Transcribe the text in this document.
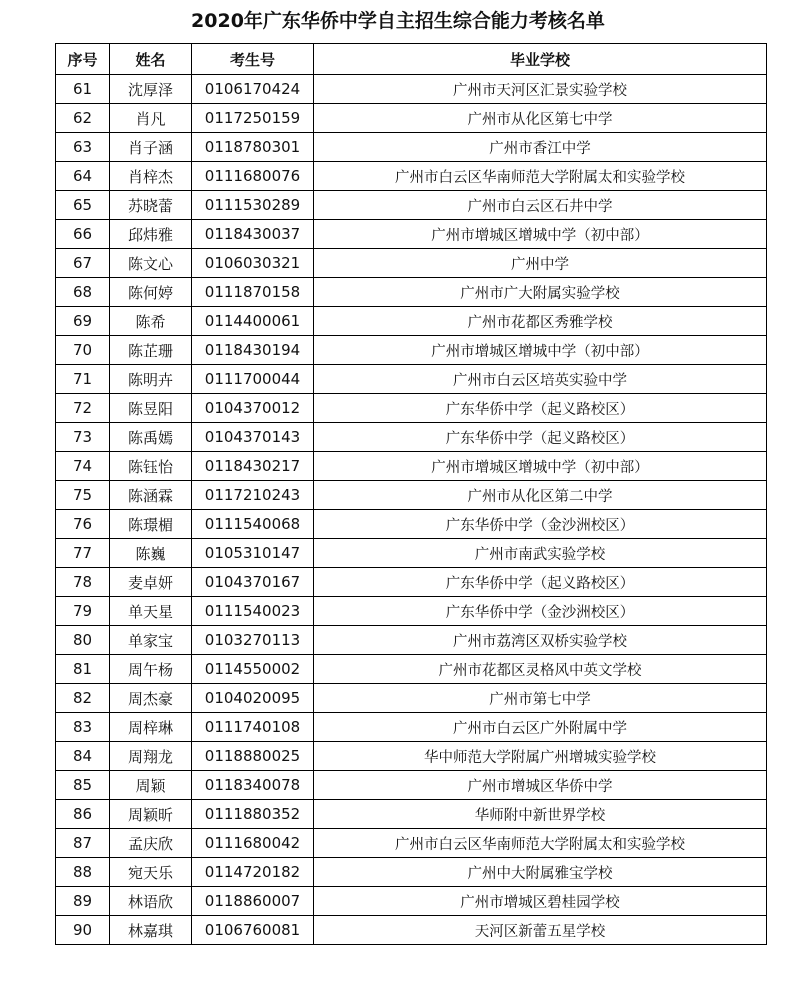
2020年广东华侨中学自主招生综合能力考核名单
序号	姓名	考生号	毕业学校
61	沈厚泽	0106170424	广州市天河区汇景实验学校
62	肖凡	0117250159	广州市从化区第七中学
63	肖子涵	0118780301	广州市香江中学
64	肖梓杰	0111680076	广州市白云区华南师范大学附属太和实验学校
65	苏晓蕾	0111530289	广州市白云区石井中学
66	邱炜雅	0118430037	广州市增城区增城中学（初中部）
67	陈文心	0106030321	广州中学
68	陈何婷	0111870158	广州市广大附属实验学校
69	陈希	0114400061	广州市花都区秀雅学校
70	陈芷珊	0118430194	广州市增城区增城中学（初中部）
71	陈明卉	0111700044	广州市白云区培英实验中学
72	陈昱阳	0104370012	广东华侨中学（起义路校区）
73	陈禹嫣	0104370143	广东华侨中学（起义路校区）
74	陈钰怡	0118430217	广州市增城区增城中学（初中部）
75	陈涵霖	0117210243	广州市从化区第二中学
76	陈璟楣	0111540068	广东华侨中学（金沙洲校区）
77	陈巍	0105310147	广州市南武实验学校
78	麦卓妍	0104370167	广东华侨中学（起义路校区）
79	单天星	0111540023	广东华侨中学（金沙洲校区）
80	单家宝	0103270113	广州市荔湾区双桥实验学校
81	周午杨	0114550002	广州市花都区灵格风中英文学校
82	周杰豪	0104020095	广州市第七中学
83	周梓琳	0111740108	广州市白云区广外附属中学
84	周翔龙	0118880025	华中师范大学附属广州增城实验学校
85	周颖	0118340078	广州市增城区华侨中学
86	周颖昕	0111880352	华师附中新世界学校
87	孟庆欣	0111680042	广州市白云区华南师范大学附属太和实验学校
88	宛天乐	0114720182	广州中大附属雅宝学校
89	林语欣	0118860007	广州市增城区碧桂园学校
90	林嘉琪	0106760081	天河区新蕾五星学校
